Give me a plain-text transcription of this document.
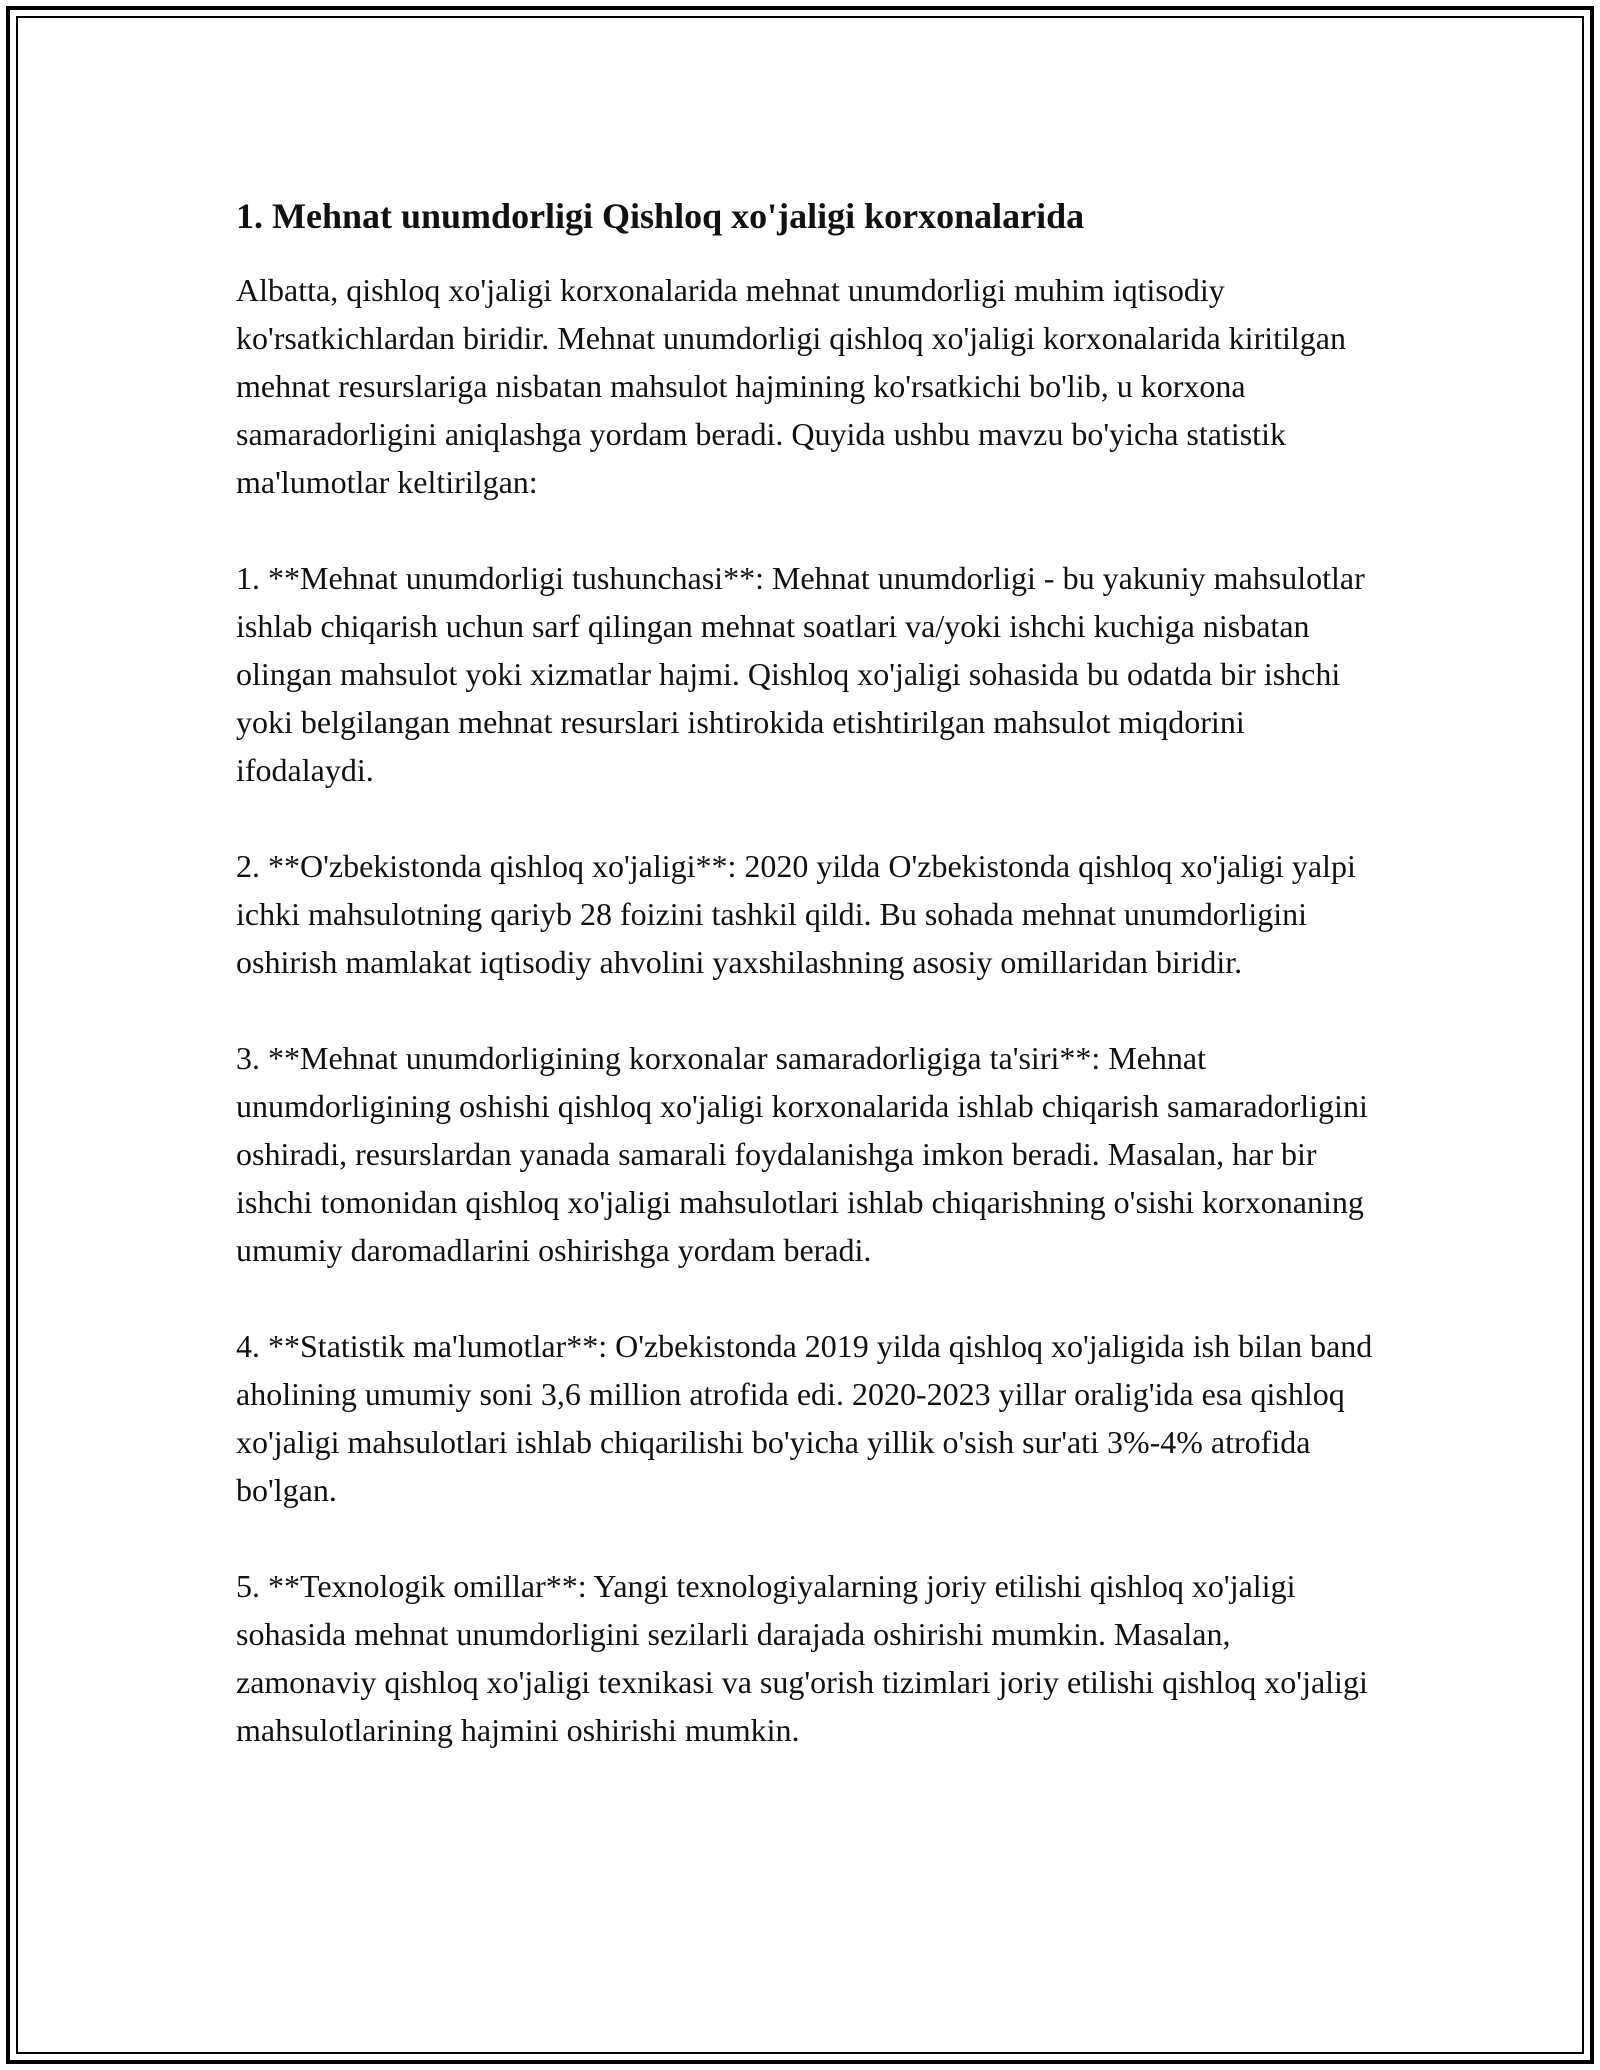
1. Mehnat unumdorligi Qishloq xo'jaligi korxonalarida

Albatta, qishloq xo'jaligi korxonalarida mehnat unumdorligi muhim iqtisodiy ko'rsatkichlardan biridir. Mehnat unumdorligi qishloq xo'jaligi korxonalarida kiritilgan mehnat resurslariga nisbatan mahsulot hajmining ko'rsatkichi bo'lib, u korxona samaradorligini aniqlashga yordam beradi. Quyida ushbu mavzu bo'yicha statistik ma'lumotlar keltirilgan:

1. **Mehnat unumdorligi tushunchasi**: Mehnat unumdorligi - bu yakuniy mahsulotlar ishlab chiqarish uchun sarf qilingan mehnat soatlari va/yoki ishchi kuchiga nisbatan olingan mahsulot yoki xizmatlar hajmi. Qishloq xo'jaligi sohasida bu odatda bir ishchi yoki belgilangan mehnat resurslari ishtirokida etishtirilgan mahsulot miqdorini ifodalaydi.

2. **O'zbekistonda qishloq xo'jaligi**: 2020 yilda O'zbekistonda qishloq xo'jaligi yalpi ichki mahsulotning qariyb 28 foizini tashkil qildi. Bu sohada mehnat unumdorligini oshirish mamlakat iqtisodiy ahvolini yaxshilashning asosiy omillaridan biridir.

3. **Mehnat unumdorligining korxonalar samaradorligiga ta'siri**: Mehnat unumdorligining oshishi qishloq xo'jaligi korxonalarida ishlab chiqarish samaradorligini oshiradi, resurslardan yanada samarali foydalanishga imkon beradi. Masalan, har bir ishchi tomonidan qishloq xo'jaligi mahsulotlari ishlab chiqarishning o'sishi korxonaning umumiy daromadlarini oshirishga yordam beradi.

4. **Statistik ma'lumotlar**: O'zbekistonda 2019 yilda qishloq xo'jaligida ish bilan band aholining umumiy soni 3,6 million atrofida edi. 2020-2023 yillar oralig'ida esa qishloq xo'jaligi mahsulotlari ishlab chiqarilishi bo'yicha yillik o'sish sur'ati 3%-4% atrofida bo'lgan.

5. **Texnologik omillar**: Yangi texnologiyalarning joriy etilishi qishloq xo'jaligi sohasida mehnat unumdorligini sezilarli darajada oshirishi mumkin. Masalan, zamonaviy qishloq xo'jaligi texnikasi va sug'orish tizimlari joriy etilishi qishloq xo'jaligi mahsulotlarining hajmini oshirishi mumkin.
